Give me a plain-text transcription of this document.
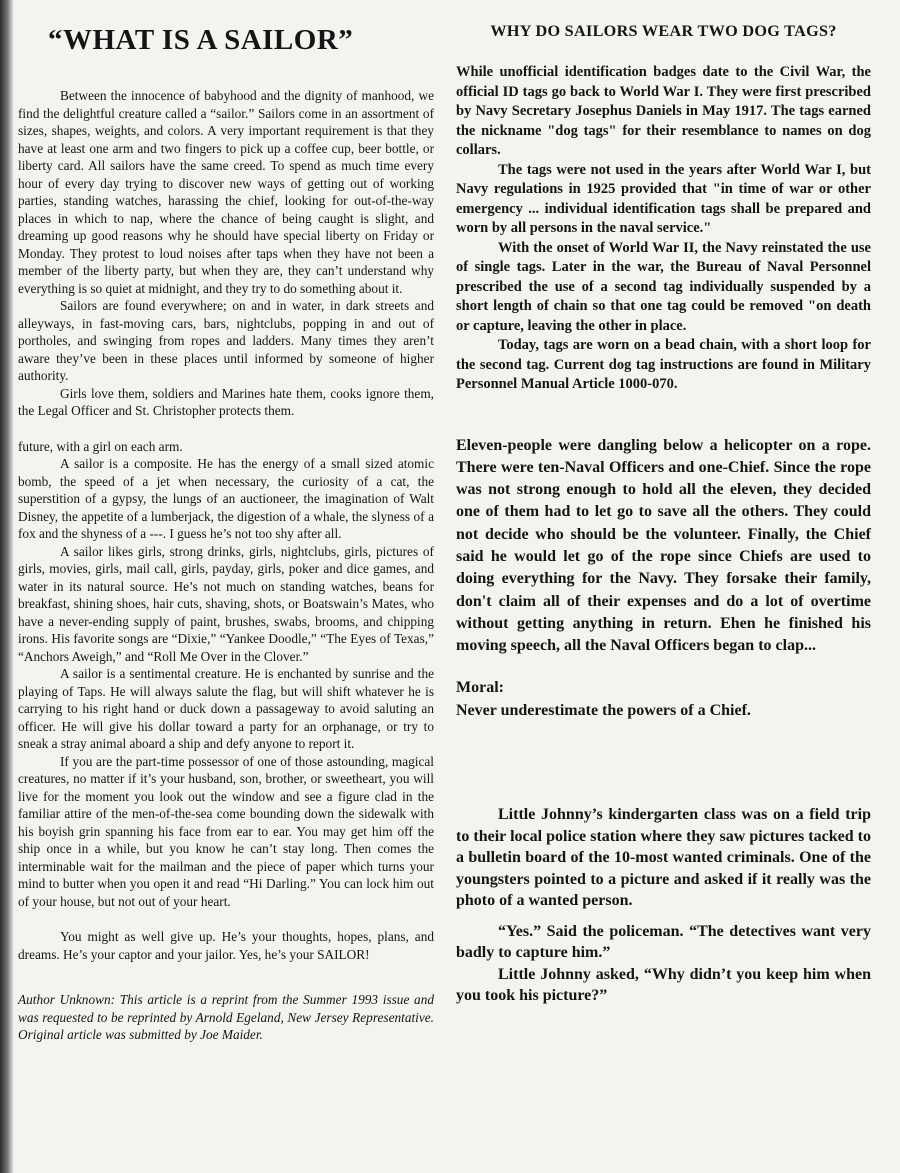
“WHAT IS A SAILOR”

Between the innocence of babyhood and the dignity of manhood, we find the delightful creature called a “sailor.” Sailors come in an assortment of sizes, shapes, weights, and colors. A very important requirement is that they have at least one arm and two fingers to pick up a coffee cup, beer bottle, or liberty card. All sailors have the same creed. To spend as much time every hour of every day trying to discover new ways of getting out of working parties, standing watches, harassing the chief, looking for out-of-the-way places in which to nap, where the chance of being caught is slight, and dreaming up good reasons why he should have special liberty on Friday or Monday. They protest to loud noises after taps when they have not been a member of the liberty party, but when they are, they can’t understand why everything is so quiet at midnight, and they try to do something about it.

Sailors are found everywhere; on and in water, in dark streets and alleyways, in fast-moving cars, bars, nightclubs, popping in and out of portholes, and swinging from ropes and ladders. Many times they aren’t aware they’ve been in these places until informed by someone of higher authority.

Girls love them, soldiers and Marines hate them, cooks ignore them, the Legal Officer and St. Christopher protects them.

future, with a girl on each arm.

A sailor is a composite. He has the energy of a small sized atomic bomb, the speed of a jet when necessary, the curiosity of a cat, the superstition of a gypsy, the lungs of an auctioneer, the imagination of Walt Disney, the appetite of a lumberjack, the digestion of a whale, the slyness of a fox and the shyness of a ---. I guess he’s not too shy after all.

A sailor likes girls, strong drinks, girls, nightclubs, girls, pictures of girls, movies, girls, mail call, girls, payday, girls, poker and dice games, and water in its natural source. He’s not much on standing watches, beans for breakfast, shining shoes, hair cuts, shaving, shots, or Boatswain’s Mates, who have a never-ending supply of paint, brushes, swabs, brooms, and chipping irons. His favorite songs are “Dixie,” “Yankee Doodle,” “The Eyes of Texas,” “Anchors Aweigh,” and “Roll Me Over in the Clover.”

A sailor is a sentimental creature. He is enchanted by sunrise and the playing of Taps. He will always salute the flag, but will shift whatever he is carrying to his right hand or duck down a passageway to avoid saluting an officer. He will give his dollar toward a party for an orphanage, or try to sneak a stray animal aboard a ship and defy anyone to report it.

If you are the part-time possessor of one of those astounding, magical creatures, no matter if it’s your husband, son, brother, or sweetheart, you will live for the moment you look out the window and see a figure clad in the familiar attire of the men-of-the-sea come bounding down the sidewalk with his boyish grin spanning his face from ear to ear. You may get him off the ship once in a while, but you know he can’t stay long. Then comes the interminable wait for the mailman and the piece of paper which turns your mind to butter when you open it and read “Hi Darling.” You can lock him out of your house, but not out of your heart.

You might as well give up. He’s your thoughts, hopes, plans, and dreams. He’s your captor and your jailor. Yes, he’s your SAILOR!

Author Unknown: This article is a reprint from the Summer 1993 issue and was requested to be reprinted by Arnold Egeland, New Jersey Representative. Original article was submitted by Joe Maider.

WHY DO SAILORS WEAR TWO DOG TAGS?

While unofficial identification badges date to the Civil War, the official ID tags go back to World War I. They were first prescribed by Navy Secretary Josephus Daniels in May 1917. The tags earned the nickname "dog tags" for their resemblance to names on dog collars.

The tags were not used in the years after World War I, but Navy regulations in 1925 provided that "in time of war or other emergency ... individual identification tags shall be prepared and worn by all persons in the naval service."

With the onset of World War II, the Navy reinstated the use of single tags. Later in the war, the Bureau of Naval Personnel prescribed the use of a second tag individually suspended by a short length of chain so that one tag could be removed "on death or capture, leaving the other in place.

Today, tags are worn on a bead chain, with a short loop for the second tag. Current dog tag instructions are found in Military Personnel Manual Article 1000-070.

Eleven-people were dangling below a helicopter on a rope. There were ten-Naval Officers and one-Chief. Since the rope was not strong enough to hold all the eleven, they decided one of them had to let go to save all the others. They could not decide who should be the volunteer. Finally, the Chief said he would let go of the rope since Chiefs are used to doing everything for the Navy. They forsake their family, don't claim all of their expenses and do a lot of overtime without getting anything in return. Ehen he finished his moving speech, all the Naval Officers began to clap...

Moral:

Never underestimate the powers of a Chief.

Little Johnny’s kindergarten class was on a field trip to their local police station where they saw pictures tacked to a bulletin board of the 10-most wanted criminals. One of the youngsters pointed to a picture and asked if it really was the photo of a wanted person.

“Yes.” Said the policeman. “The detectives want very badly to capture him.”

Little Johnny asked, “Why didn’t you keep him when you took his picture?”
